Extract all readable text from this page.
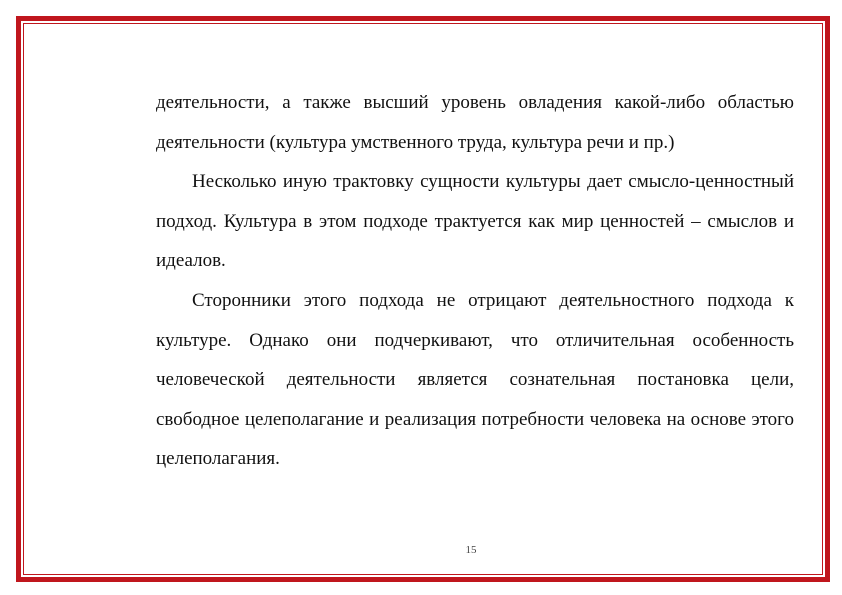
деятельности, а также высший уровень овладения какой-либо областью деятельности (культура умственного труда, культура речи и пр.)

Несколько иную трактовку сущности культуры дает смысло-ценностный подход. Культура в этом подходе трактуется как мир ценностей – смыслов и идеалов.

Сторонники этого подхода не отрицают деятельностного подхода к культуре. Однако они подчеркивают, что отличительная особенность человеческой деятельности является сознательная постановка цели, свободное целеполагание и реализация потребности человека на основе этого целеполагания.

15
